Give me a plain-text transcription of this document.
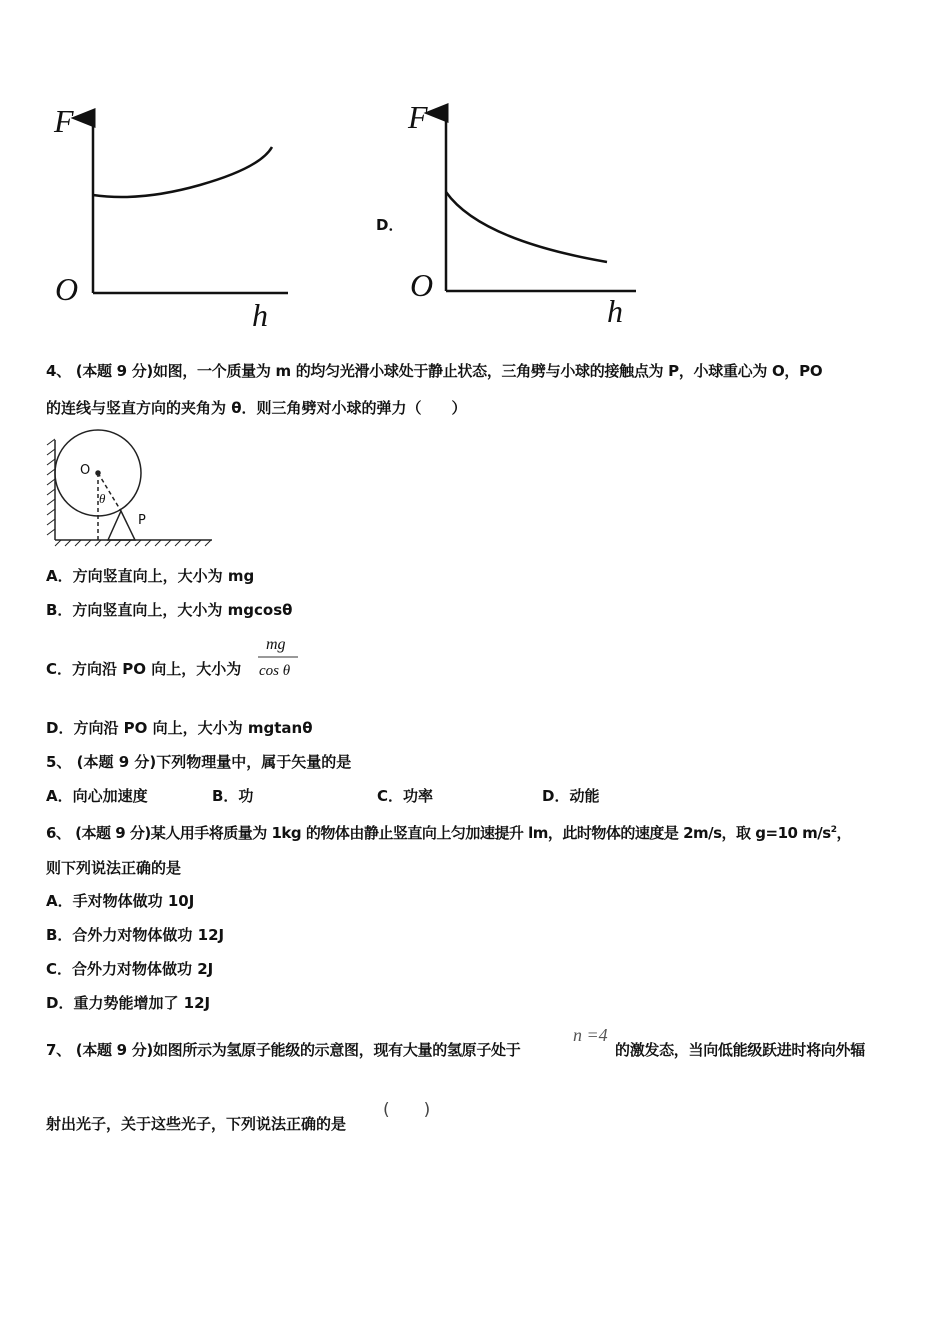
F
O
h
D．
F
O
h
4、 (本题 9 分)如图，一个质量为 m 的均匀光滑小球处于静止状态，三角劈与小球的接触点为 P，小球重心为 O，PO
的连线与竖直方向的夹角为 θ．则三角劈对小球的弹力（　　）
O
θ
P
A．方向竖直向上，大小为 mg
B．方向竖直向上，大小为 mgcosθ
C．方向沿 PO 向上，大小为
mg
cos θ
D．方向沿 PO 向上，大小为 mgtanθ
5、 (本题 9 分)下列物理量中，属于矢量的是
A．向心加速度	B．功	C．功率	D．动能
6、 (本题 9 分)某人用手将质量为 1kg 的物体由静止竖直向上匀加速提升 lm，此时物体的速度是 2m/s，取 g=10 $m/s^2$，
则下列说法正确的是
A．手对物体做功 10J
B．合外力对物体做功 12J
C．合外力对物体做功 2J
D．重力势能增加了 12J
7、 (本题 9 分)如图所示为氢原子能级的示意图，现有大量的氢原子处于
n =4
的激发态，当向低能级跃进时将向外辐
射出光子，关于这些光子，下列说法正确的是
(　　)
